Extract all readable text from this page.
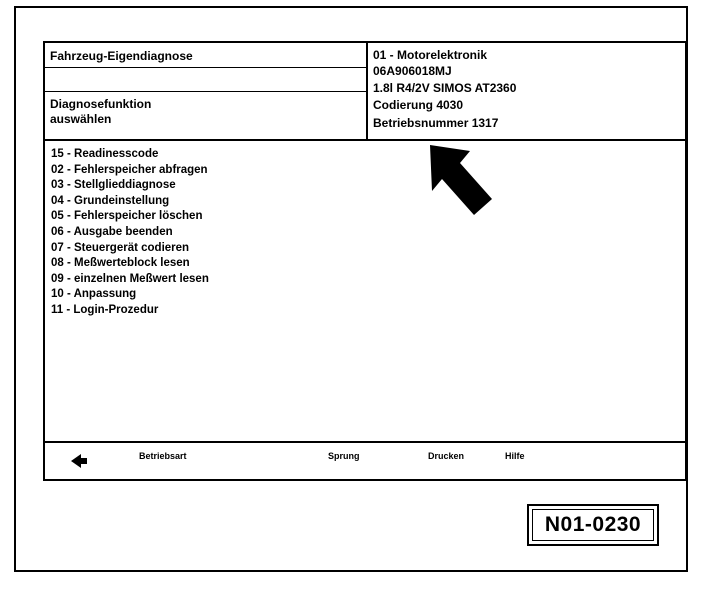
Fahrzeug-Eigendiagnose
Diagnosefunktion
auswählen
01 - Motorelektronik
06A906018MJ
1.8l R4/2V SIMOS AT2360
Codierung 4030
Betriebsnummer 1317
15 - Readinesscode
02 - Fehlerspeicher abfragen
03 - Stellglieddiagnose
04 - Grundeinstellung
05 - Fehlerspeicher löschen
06 - Ausgabe beenden
07 - Steuergerät codieren
08 - Meßwerteblock lesen
09 - einzelnen Meßwert lesen
10 - Anpassung
11 - Login-Prozedur
Betriebsart	Sprung	Drucken	Hilfe
N01-0230
